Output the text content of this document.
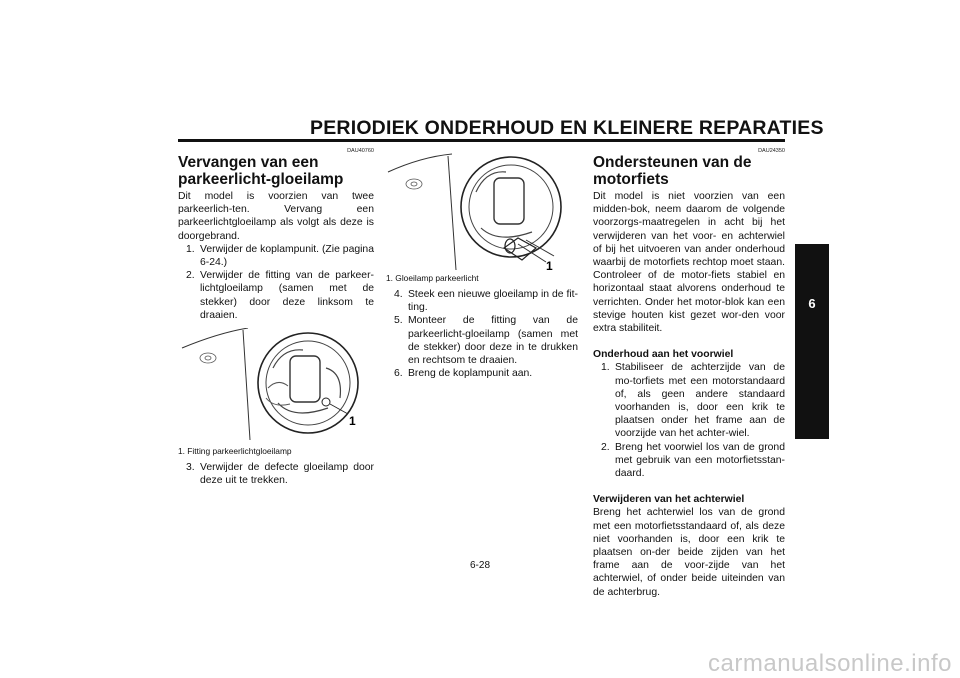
PERIODIEK ONDERHOUD EN KLEINERE REPARATIES
6
DAU40760
Vervangen van een parkeerlicht-gloeilamp

Dit model is voorzien van twee parkeerlich-ten. Vervang een parkeerlichtgloeilamp als volgt als deze is doorgebrand.

1. Verwijder de koplampunit. (Zie pagina 6-24.)
2. Verwijder de fitting van de parkeer-lichtgloeilamp (samen met de stekker) door deze linksom te draaien.
1
1. Fitting parkeerlichtgloeilamp
3. Verwijder de defecte gloeilamp door deze uit te trekken.
1
1. Gloeilamp parkeerlicht
4. Steek een nieuwe gloeilamp in de fit-ting.
5. Monteer de fitting van de parkeerlicht-gloeilamp (samen met de stekker) door deze in te drukken en rechtsom te draaien.
6. Breng de koplampunit aan.
DAU24350
Ondersteunen van de motorfiets

Dit model is niet voorzien van een midden-bok, neem daarom de volgende voorzorgs-maatregelen in acht bij het verwijderen van het voor- en achterwiel of bij het uitvoeren van ander onderhoud waarbij de motorfiets rechtop moet staan. Controleer of de motor-fiets stabiel en horizontaal staat alvorens onderhoud te verrichten. Onder het motor-blok kan een stevige houten kist gezet wor-den voor extra stabiliteit.

Onderhoud aan het voorwiel

1. Stabiliseer de achterzijde van de mo-torfiets met een motorstandaard of, als geen andere standaard voorhanden is, door een krik te plaatsen onder het frame aan de voorzijde van het achter-wiel.
2. Breng het voorwiel los van de grond met gebruik van een motorfietsstan-daard.

Verwijderen van het achterwiel

Breng het achterwiel los van de grond met een motorfietsstandaard of, als deze niet voorhanden is, door een krik te plaatsen on-der beide zijden van het frame aan de voor-zijde van het achterwiel, of onder beide uiteinden van de achterbrug.

6-28
carmanualsonline.info
